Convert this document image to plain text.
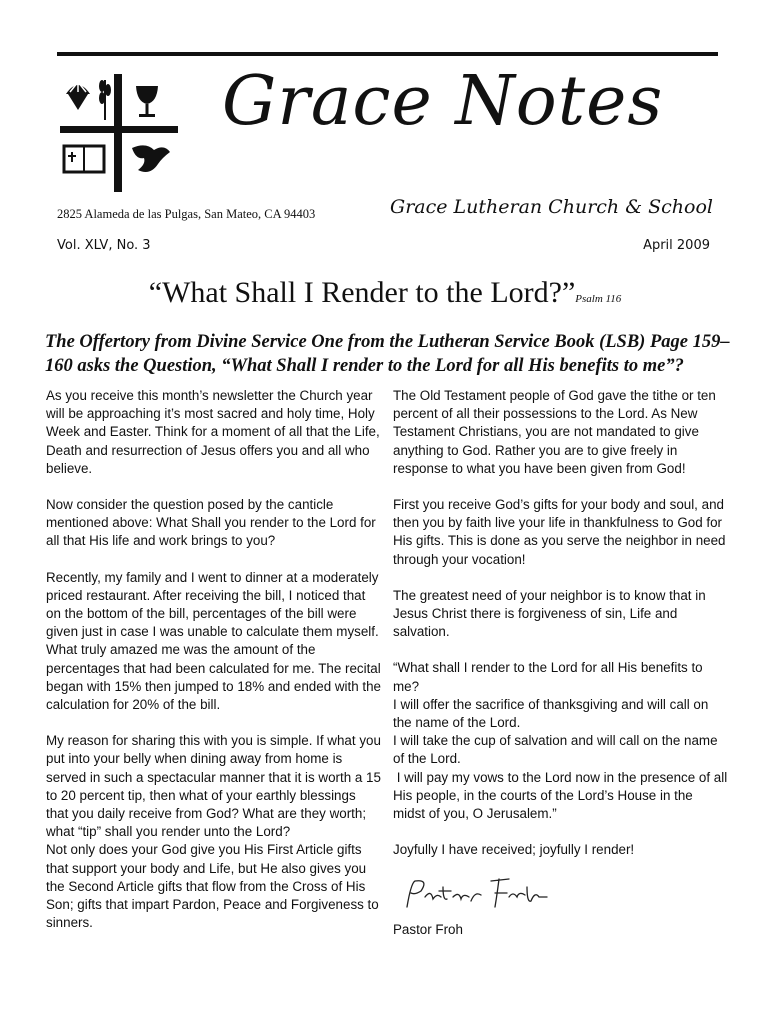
Grace Notes
2825 Alameda de las Pulgas, San Mateo, CA 94403	Grace Lutheran Church & School
Vol. XLV, No. 3	April 2009
“What Shall I Render to the Lord?”Psalm 116
The Offertory from Divine Service One from the Lutheran Service Book (LSB) Page 159–160 asks the Question, “What Shall I render to the Lord for all His benefits to me”?

As you receive this month’s newsletter the Church year will be approaching it’s most sacred and holy time, Holy Week and Easter. Think for a moment of all that the Life, Death and resurrection of Jesus offers you and all who believe.

Now consider the question posed by the canticle mentioned above: What Shall you render to the Lord for all that His life and work brings to you?

Recently, my family and I went to dinner at a moderately priced restaurant. After receiving the bill, I noticed that on the bottom of the bill, percentages of the bill were given just in case I was unable to calculate them myself. What truly amazed me was the amount of the percentages that had been calculated for me. The recital began with 15% then jumped to 18% and ended with the calculation for 20% of the bill.

My reason for sharing this with you is simple. If what you put into your belly when dining away from home is served in such a spectacular manner that it is worth a 15 to 20 percent tip, then what of your earthly blessings that you daily receive from God? What are they worth; what “tip” shall you render unto the Lord?

Not only does your God give you His First Article gifts that support your body and Life, but He also gives you the Second Article gifts that flow from the Cross of His Son; gifts that impart Pardon, Peace and Forgiveness to sinners.

The Old Testament people of God gave the tithe or ten percent of all their possessions to the Lord. As New Testament Christians, you are not mandated to give anything to God. Rather you are to give freely in response to what you have been given from God!

First you receive God’s gifts for your body and soul, and then you by faith live your life in thankfulness to God for His gifts. This is done as you serve the neighbor in need through your vocation!

The greatest need of your neighbor is to know that in Jesus Christ there is forgiveness of sin, Life and salvation.

“What shall I render to the Lord for all His benefits to me?
I will offer the sacrifice of thanksgiving and will call on the name of the Lord.
I will take the cup of salvation and will call on the name of the Lord.
I will pay my vows to the Lord now in the presence of all His people, in the courts of the Lord’s House in the midst of you, O Jerusalem.”

Joyfully I have received; joyfully I render!

Pastor Froh
